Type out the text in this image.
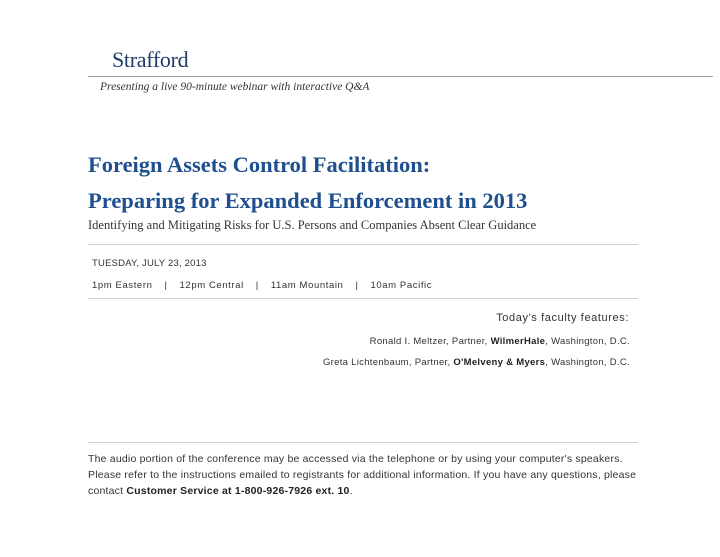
Strafford
Presenting a live 90-minute webinar with interactive Q&A
Foreign Assets Control Facilitation:
Preparing for Expanded Enforcement in 2013
Identifying and Mitigating Risks for U.S. Persons and Companies Absent Clear Guidance
TUESDAY, JULY 23, 2013
1pm Eastern | 12pm Central | 11am Mountain | 10am Pacific
Today’s faculty features:
Ronald I. Meltzer, Partner, WilmerHale, Washington, D.C.
Greta Lichtenbaum, Partner, O'Melveny & Myers, Washington, D.C.
The audio portion of the conference may be accessed via the telephone or by using your computer's speakers. Please refer to the instructions emailed to registrants for additional information. If you have any questions, please contact Customer Service at 1-800-926-7926 ext. 10.
